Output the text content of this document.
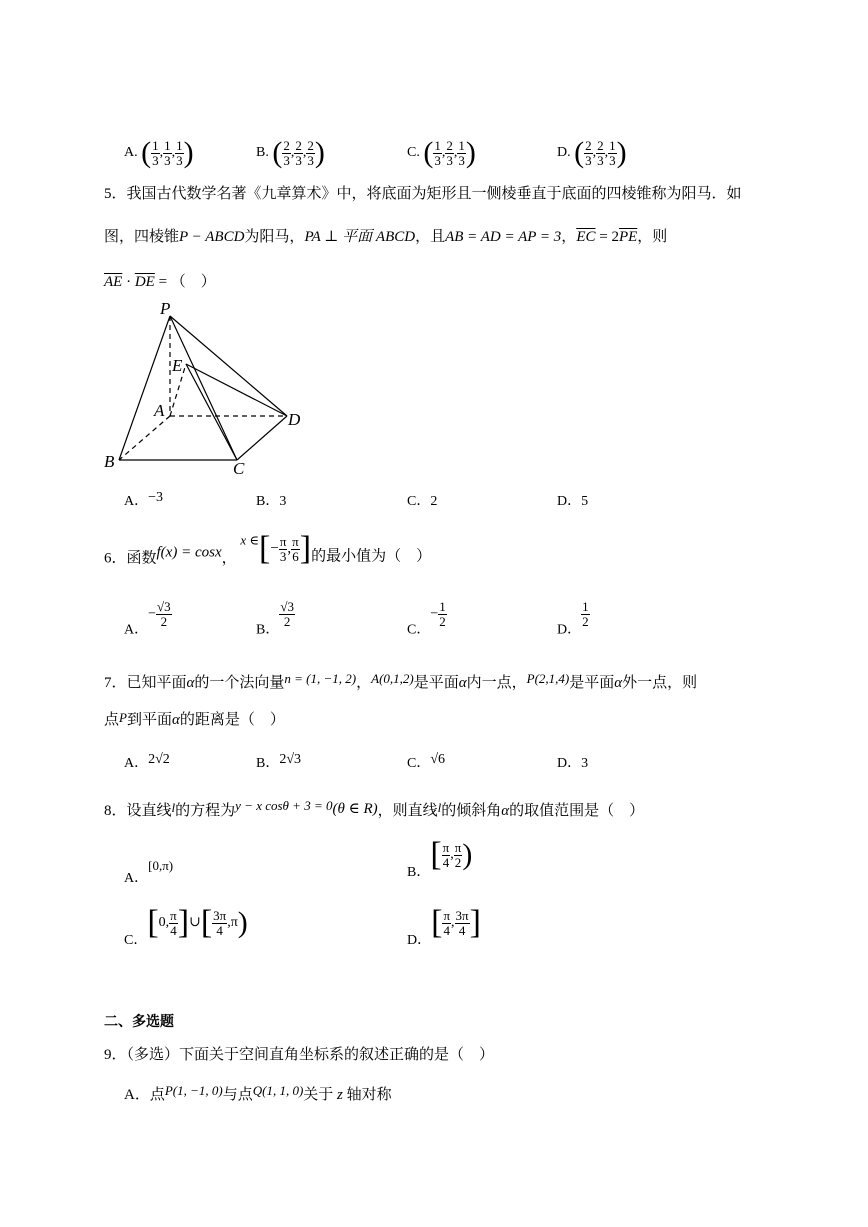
A. ( $\frac{1}{3}$ , $\frac{1}{3}$ , $\frac{1}{3}$ )	B. ( $\frac{2}{3}$ , $\frac{2}{3}$ , $\frac{2}{3}$ )	C. ( $\frac{1}{3}$ , $\frac{2}{3}$ , $\frac{1}{3}$ )	D. ( $\frac{2}{3}$ , $\frac{2}{3}$ , $\frac{1}{3}$ )
5．我国古代数学名著《九章算术》中，将底面为矩形且一侧棱垂直于底面的四棱锥称为阳马．如
图，四棱锥P − ABCD为阳马，PA ⊥ 平面 ABCD，且AB = AD = AP = 3，$\overline{EC} = 2\overline{PE}$，则
$\overline{AE} \cdot \overline{DE}$ = （　）
P
E
A	D
B	C
A．−3	B．3	C．2	D．5
6．函数f(x) = cosx， x ∈[− $\frac{\pi}{3}$ , $\frac{\pi}{6}$ ]的最小值为（　）
A．− $\frac{√3}{2}$
B．
$\frac{√3}{2}$
C．− $\frac{1}{2}$
D．
$\frac{1}{2}$
7．已知平面α的一个法向量n = (1, −1, 2)，A(0,1,2)是平面α内一点，P(2,1,4)是平面α外一点，则
点P到平面α的距离是（　）
A．2√2	B．2√3	C．√6	D．3
8．设直线l的方程为y − x cosθ + 3 = 0(θ ∈ R)，则直线l的倾斜角α的取值范围是（　）
A．[0,π)	B．[ $\frac{\pi}{4}$ , $\frac{\pi}{2}$ )
C．[0, $\frac{\pi}{4}$ ]∪[ $\frac{3\pi}{4} ,\pi$)
D．[ $\frac{\pi}{4}$ , $\frac{3\pi}{4}$ ]
二、多选题
9．（多选）下面关于空间直角坐标系的叙述正确的是（　）
A．点P(1, −1, 0)与点Q(1, 1, 0)关于 z 轴对称
